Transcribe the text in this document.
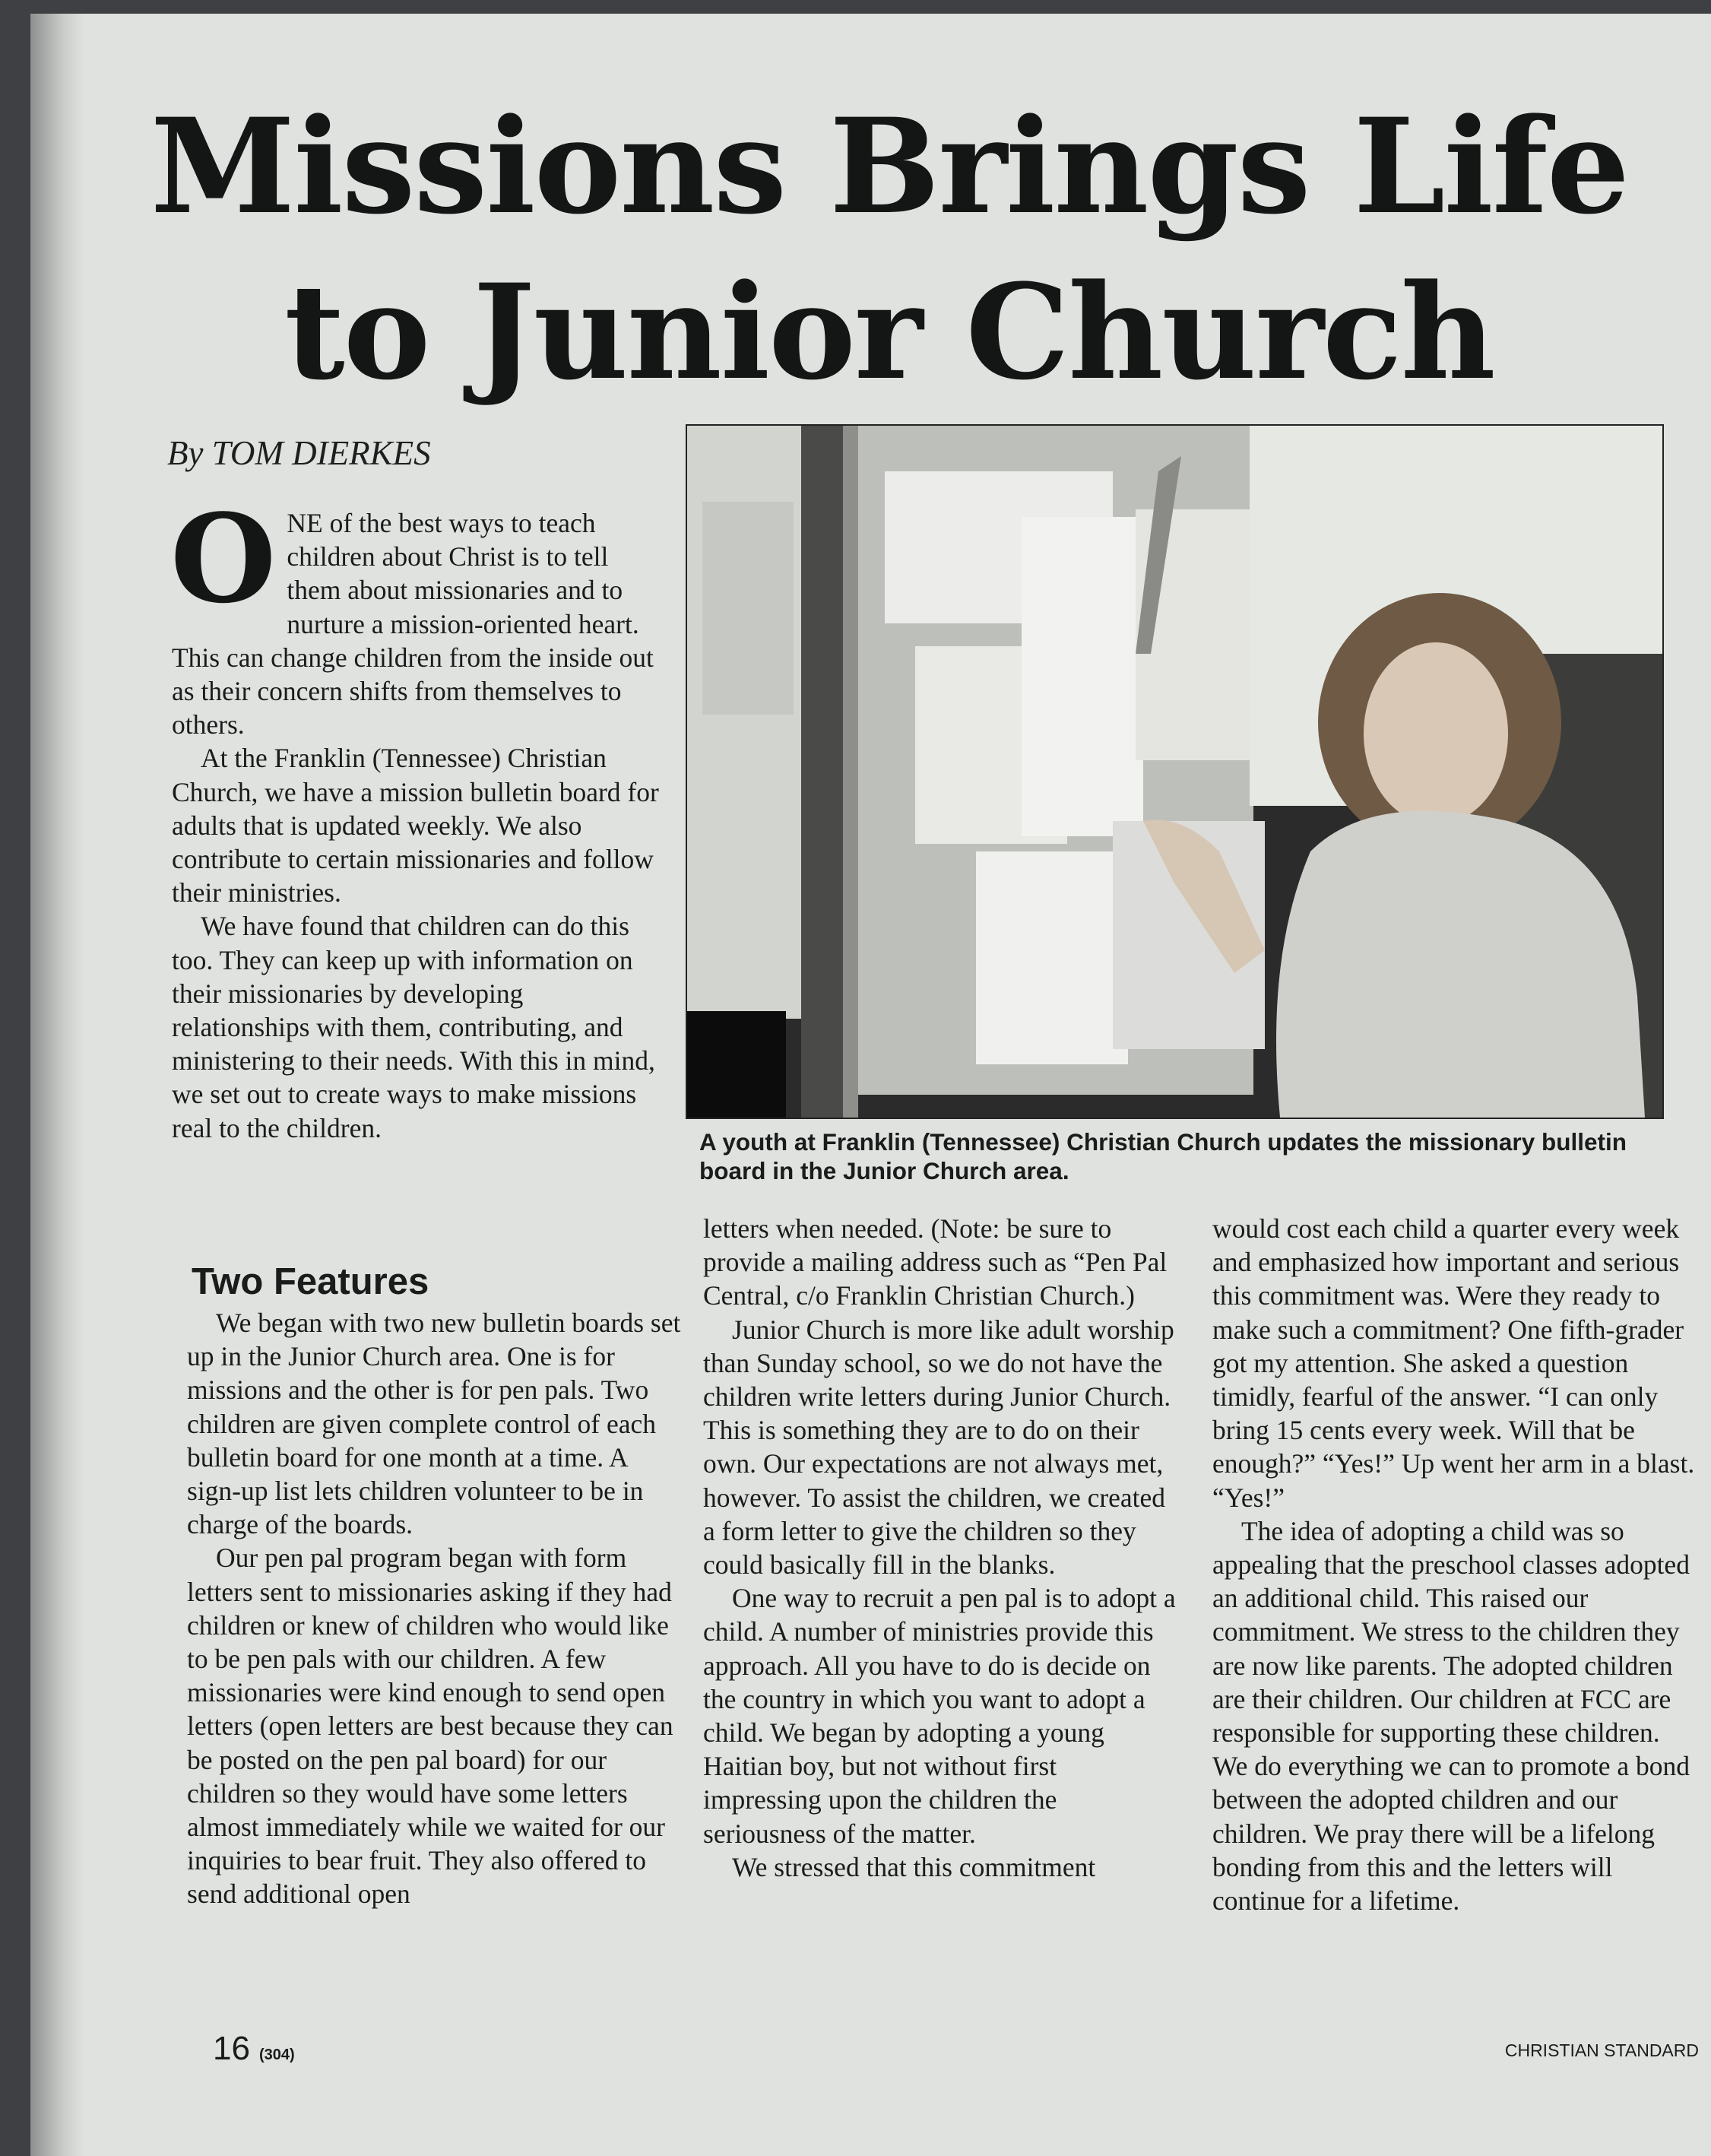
Missions Brings Life
to Junior Church
By TOM DIERKES

ONE of the best ways to teach children about Christ is to tell them about missionaries and to nurture a mission-oriented heart. This can change children from the inside out as their concern shifts from themselves to others.

At the Franklin (Tennessee) Christian Church, we have a mission bulletin board for adults that is updated weekly. We also contribute to certain missionaries and follow their ministries.

We have found that children can do this too. They can keep up with information on their missionaries by developing relationships with them, contributing, and ministering to their needs. With this in mind, we set out to create ways to make missions real to the children.	A youth at Franklin (Tennessee) Christian Church updates the missionary bulletin board in the Junior Church area.

Two Features

We began with two new bulletin boards set up in the Junior Church area. One is for missions and the other is for pen pals. Two children are given complete control of each bulletin board for one month at a time. A sign-up list lets children volunteer to be in charge of the boards.

Our pen pal program began with form letters sent to missionaries asking if they had children or knew of children who would like to be pen pals with our children. A few missionaries were kind enough to send open letters (open letters are best because they can be posted on the pen pal board) for our children so they would have some letters almost immediately while we waited for our inquiries to bear fruit. They also offered to send additional open

letters when needed. (Note: be sure to provide a mailing address such as “Pen Pal Central, c/o Franklin Christian Church.)

Junior Church is more like adult worship than Sunday school, so we do not have the children write letters during Junior Church. This is something they are to do on their own. Our expectations are not always met, however. To assist the children, we created a form letter to give the children so they could basically fill in the blanks.

One way to recruit a pen pal is to adopt a child. A number of ministries provide this approach. All you have to do is decide on the country in which you want to adopt a child. We began by adopting a young Haitian boy, but not without first impressing upon the children the seriousness of the matter.

We stressed that this commitment

would cost each child a quarter every week and emphasized how important and serious this commitment was. Were they ready to make such a commitment? One fifth-grader got my attention. She asked a question timidly, fearful of the answer. “I can only bring 15 cents every week. Will that be enough?” “Yes!” Up went her arm in a blast. “Yes!”

The idea of adopting a child was so appealing that the preschool classes adopted an additional child. This raised our commitment. We stress to the children they are now like parents. The adopted children are their children. Our children at FCC are responsible for supporting these children. We do everything we can to promote a bond between the adopted children and our children. We pray there will be a lifelong bonding from this and the letters will continue for a lifetime.

16 (304)	CHRISTIAN STANDARD
